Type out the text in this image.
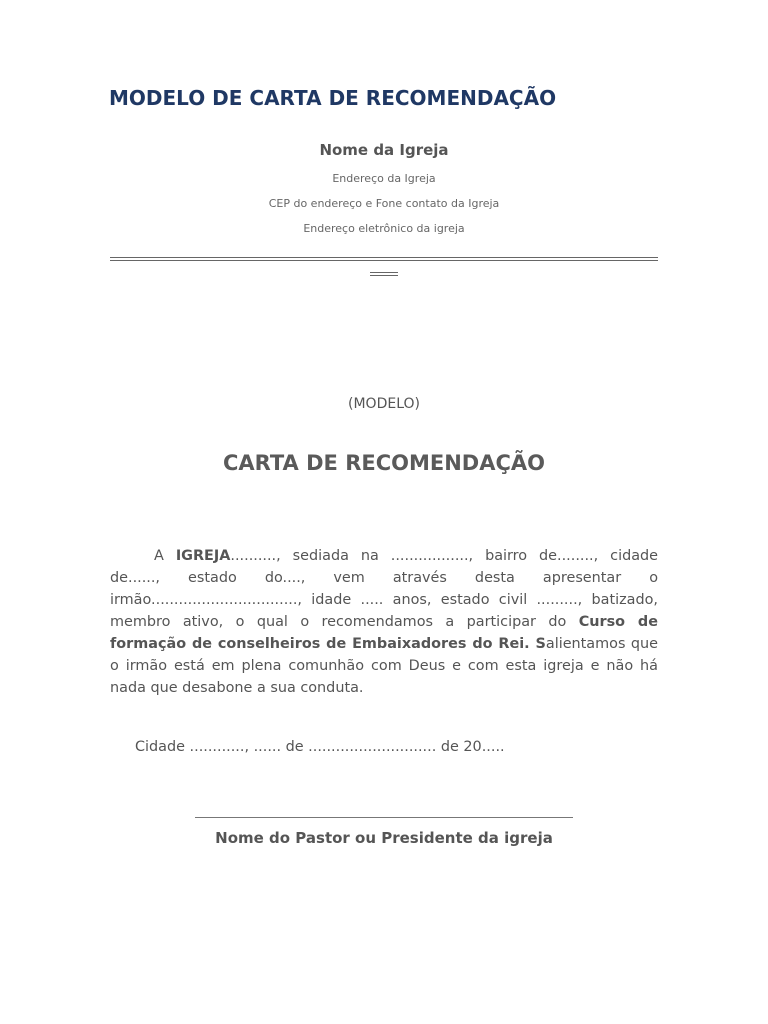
MODELO DE CARTA DE RECOMENDAÇÃO
Nome da Igreja
Endereço da Igreja
CEP do endereço e Fone contato da Igreja
Endereço eletrônico da igreja
(MODELO)
CARTA DE RECOMENDAÇÃO

A IGREJA.........., sediada na ................., bairro de........, cidade de......, estado do...., vem através desta apresentar o irmão................................, idade ..... anos, estado civil ........., batizado, membro ativo, o qual o recomendamos a participar do Curso de formação de conselheiros de Embaixadores do Rei. Salientamos que o irmão está em plena comunhão com Deus e com esta igreja e não há nada que desabone a sua conduta.

Cidade ............, ...... de ............................ de 20.....
Nome do Pastor ou Presidente da igreja
